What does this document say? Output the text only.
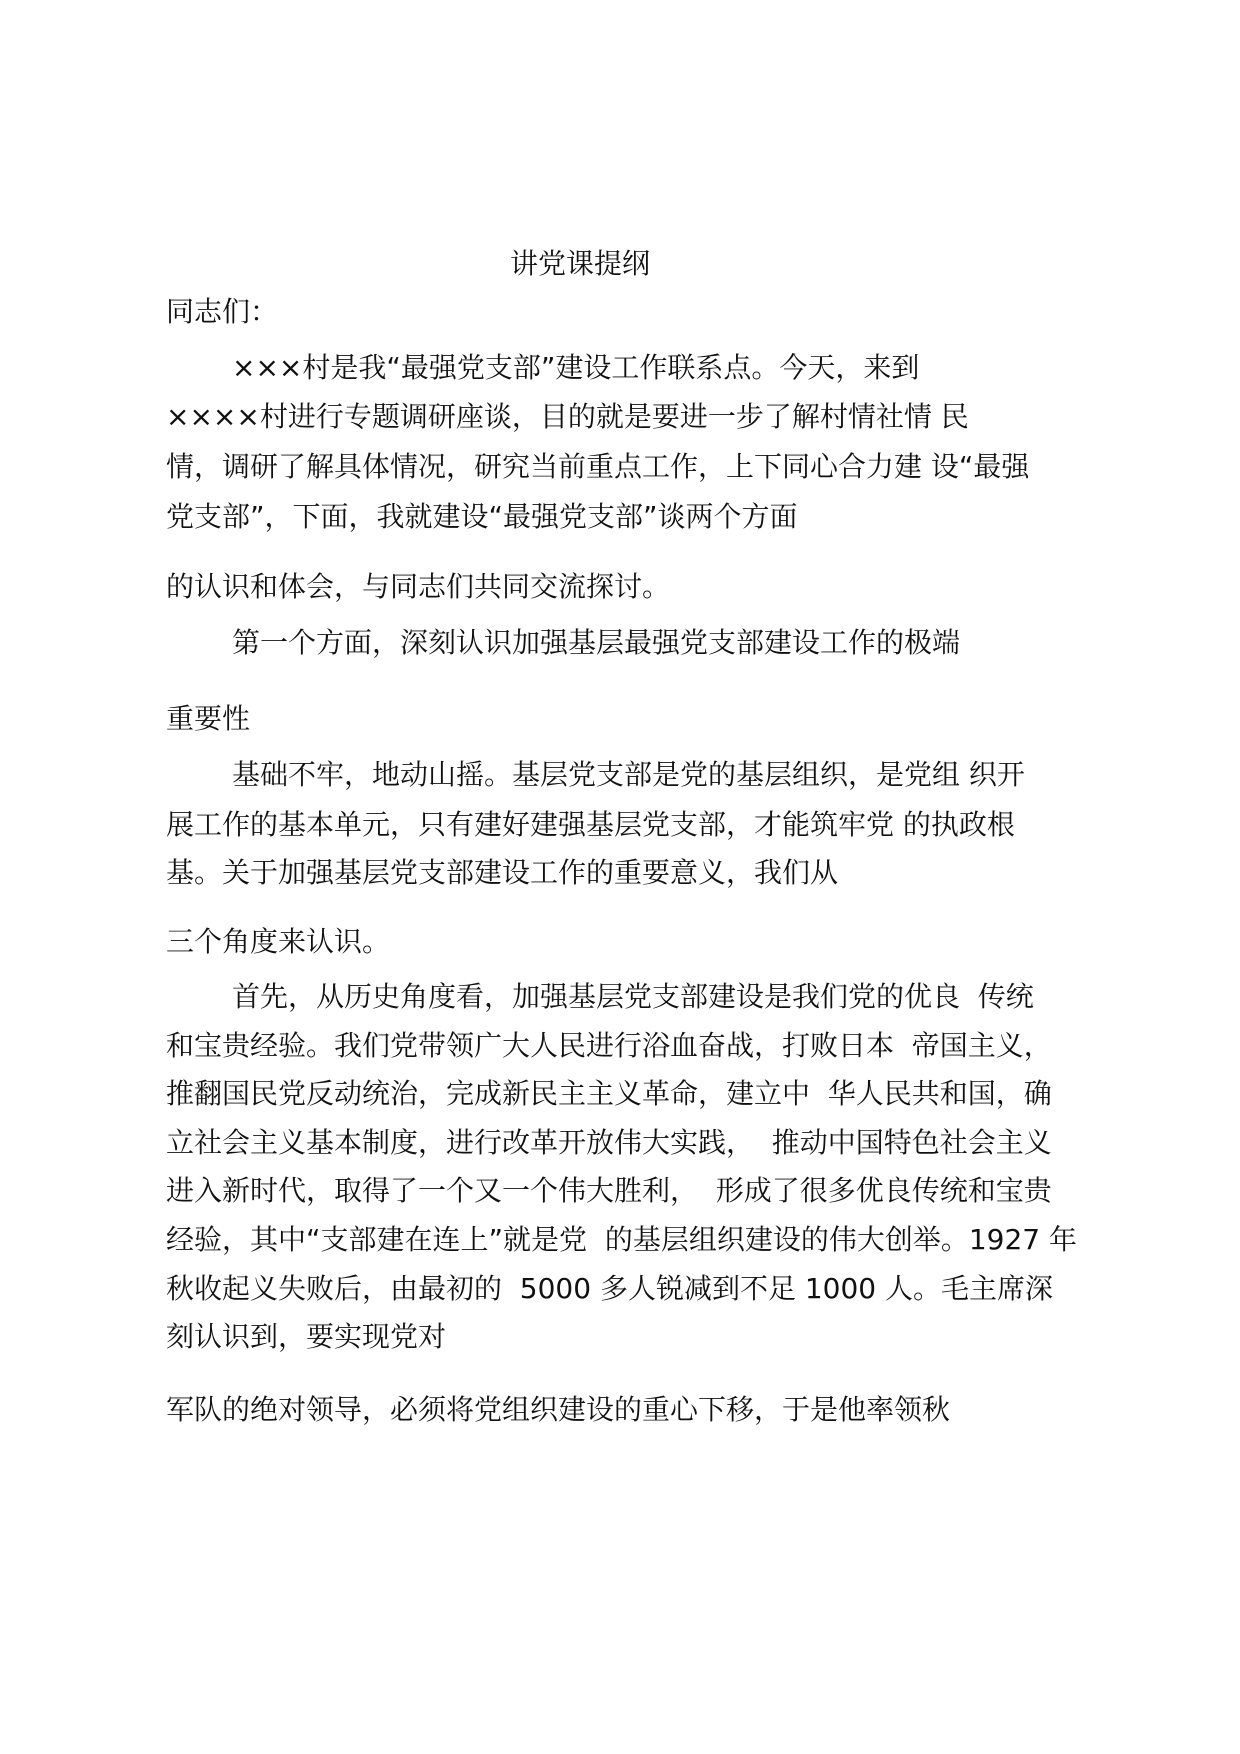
讲党课提纲
同志们：
×××村是我“最强党支部”建设工作联系点。今天，来到
××××村进行专题调研座谈，目的就是要进一步了解村情社情 民
情，调研了解具体情况，研究当前重点工作，上下同心合力建 设“最强
党支部”，下面，我就建设“最强党支部”谈两个方面
的认识和体会，与同志们共同交流探讨。
第一个方面，深刻认识加强基层最强党支部建设工作的极端
重要性
基础不牢，地动山摇。基层党支部是党的基层组织，是党组 织开
展工作的基本单元，只有建好建强基层党支部，才能筑牢党 的执政根
基。关于加强基层党支部建设工作的重要意义，我们从
三个角度来认识。
首先，从历史角度看，加强基层党支部建设是我们党的优良  传统
和宝贵经验。我们党带领广大人民进行浴血奋战，打败日本  帝国主义，
推翻国民党反动统治，完成新民主主义革命，建立中  华人民共和国，确
立社会主义基本制度，进行改革开放伟大实践，  推动中国特色社会主义
进入新时代，取得了一个又一个伟大胜利，  形成了很多优良传统和宝贵
经验，其中“支部建在连上”就是党  的基层组织建设的伟大创举。1927 年
秋收起义失败后，由最初的  5000 多人锐减到不足 1000 人。毛主席深
刻认识到，要实现党对
军队的绝对领导，必须将党组织建设的重心下移，于是他率领秋
